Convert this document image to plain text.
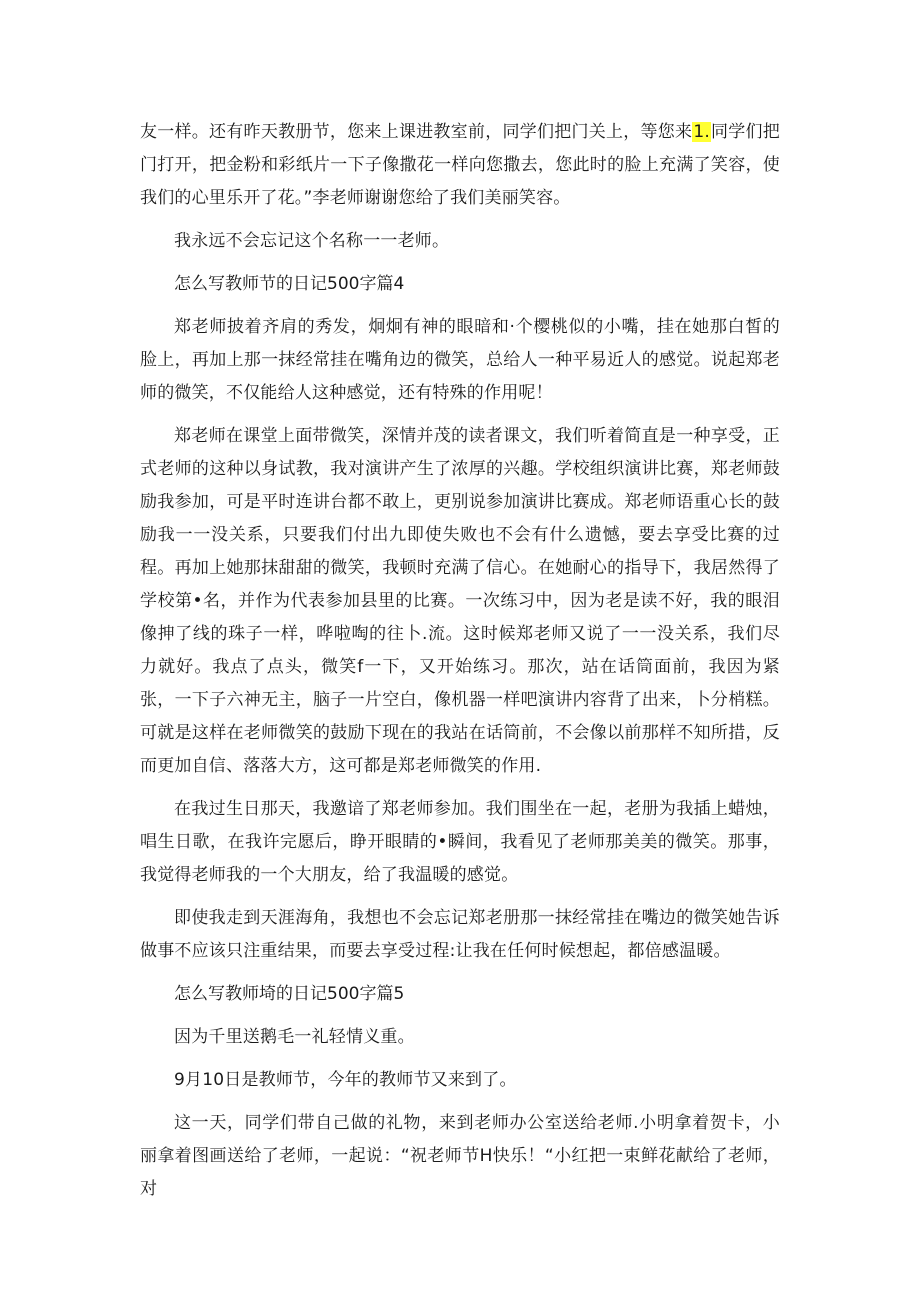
友一样。还有昨天教册节，您来上课进教室前，同学们把门关上，等您来1.同学们把门打开，把金粉和彩纸片一下子像撒花一样向您撒去，您此时的脸上充满了笑容，使我们的心里乐开了花。”李老师谢谢您给了我们美丽笑容。

我永远不会忘记这个名称一一老师。

怎么写教师节的日记500字篇4

郑老师披着齐肩的秀发，炯炯有神的眼暗和·个樱桃似的小嘴，挂在她那白皙的脸上，再加上那一抹经常挂在嘴角边的微笑，总给人一种平易近人的感觉。说起郑老师的微笑，不仅能给人这种感觉，还有特殊的作用呢！

郑老师在课堂上面带微笑，深情并茂的读者课文，我们听着简直是一种享受，正式老师的这种以身试教，我对演讲产生了浓厚的兴趣。学校组织演讲比赛，郑老师鼓励我参加，可是平时连讲台都不敢上，更别说参加演讲比赛成。郑老师语重心长的鼓励我一一没关系，只要我们付出九即使失败也不会有什么遗憾，要去享受比赛的过程。再加上她那抹甜甜的微笑，我顿时充满了信心。在她耐心的指导下，我居然得了学校第•名，并作为代表参加县里的比赛。一次练习中，因为老是读不好，我的眼泪像抻了线的珠子一样，哗啦啕的往卜.流。这时候郑老师又说了一一没关系，我们尽力就好。我点了点头，微笑f一下，又开始练习。那次，站在话筒面前，我因为紧张，一下子六神无主，脑子一片空白，像机器一样吧演讲内容背了出来，卜分梢糕。可就是这样在老师微笑的鼓励下现在的我站在话筒前，不会像以前那样不知所措，反而更加自信、落落大方，这可都是郑老师微笑的作用.

在我过生日那天，我邀谙了郑老师参加。我们围坐在一起，老册为我插上蜡烛，唱生日歌，在我许完愿后，睁开眼睛的•瞬间，我看见了老师那美美的微笑。那事，我觉得老师我的一个大朋友，给了我温暖的感觉。

即使我走到天涯海角，我想也不会忘记郑老册那一抹经常挂在嘴边的微笑她告诉做事不应该只注重结果，而要去享受过程:让我在任何时候想起，都倍感温暖。

怎么写教师埼的日记500字篇5

因为千里送鹅毛一礼轻情义重。

9月10日是教师节，今年的教师节又来到了。

这一天，同学们带自己做的礼物，来到老师办公室送给老师.小明拿着贺卡，小丽拿着图画送给了老师，一起说：“祝老师节H快乐！“小红把一束鲜花献给了老师，对
